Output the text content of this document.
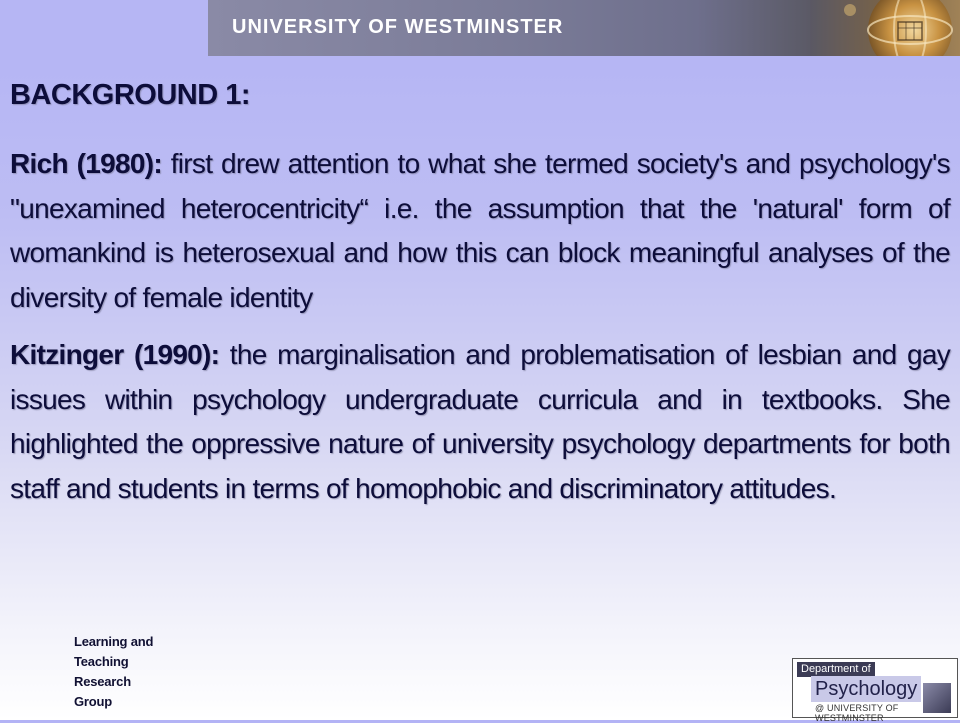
UNIVERSITY OF WESTMINSTER
BACKGROUND 1:

Rich (1980): first drew attention to what she termed society's and psychology's "unexamined heterocentricity“ i.e. the assumption that the 'natural' form of womankind is heterosexual and how this can block meaningful analyses of the diversity of female identity

Kitzinger (1990): the marginalisation and problematisation of lesbian and gay issues within psychology undergraduate curricula and in textbooks. She highlighted the oppressive nature of university psychology departments for both staff and students in terms of homophobic and discriminatory attitudes.

Learning and
Teaching
Research
Group
Department of
Psychology
@ UNIVERSITY OF WESTMINSTER
